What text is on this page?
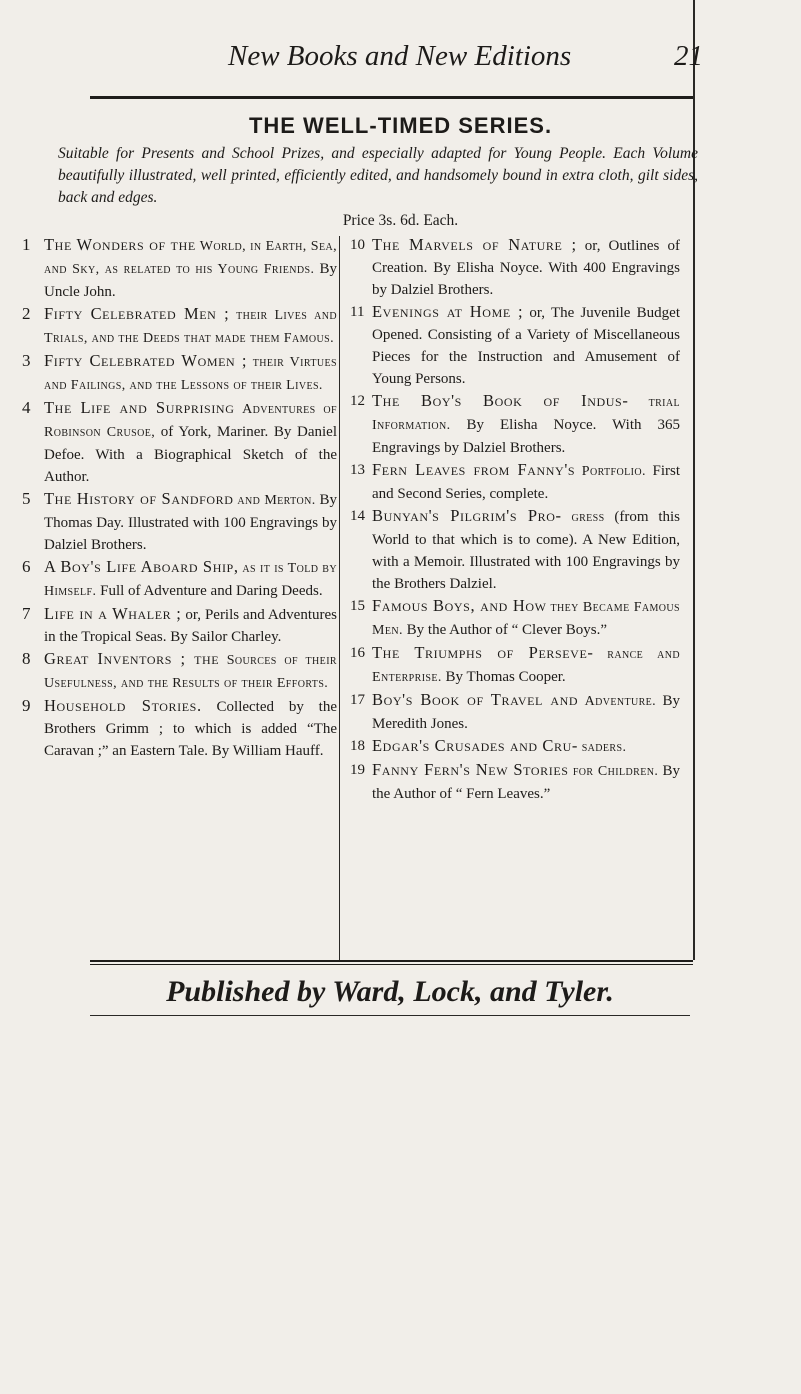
New Books and New Editions	21
THE WELL-TIMED SERIES.
Suitable for Presents and School Prizes, and especially adapted for Young People. Each Volume beautifully illustrated, well printed, efficiently edited, and handsomely bound in extra cloth, gilt sides, back and edges.
Price 3s. 6d. Each.
1 The Wonders of the World, in Earth, Sea, and Sky, as related to his Young Friends. By Uncle John.
2 Fifty Celebrated Men ; their Lives and Trials, and the Deeds that made them Famous.
3 Fifty Celebrated Women ; their Virtues and Failings, and the Lessons of their Lives.
4 The Life and Surprising Adventures of Robinson Crusoe, of York, Mariner. By Daniel Defoe. With a Biographical Sketch of the Author.
5 The History of Sandford and Merton. By Thomas Day. Illustrated with 100 Engravings by Dalziel Brothers.
6 A Boy's Life Aboard Ship, as it is Told by Himself. Full of Adventure and Daring Deeds.
7 Life in a Whaler ; or, Perils and Adventures in the Tropical Seas. By Sailor Charley.
8 Great Inventors ; the Sources of their Usefulness, and the Results of their Efforts.
9 Household Stories. Collected by the Brothers Grimm ; to which is added “The Caravan ;” an Eastern Tale. By William Hauff.
10 The Marvels of Nature ; or, Outlines of Creation. By Elisha Noyce. With 400 Engravings by Dalziel Brothers.
11 Evenings at Home ; or, The Juvenile Budget Opened. Consisting of a Variety of Miscellaneous Pieces for the Instruction and Amusement of Young Persons.
12 The Boy's Book of Indus- trial Information. By Elisha Noyce. With 365 Engravings by Dalziel Brothers.
13 Fern Leaves from Fanny's Portfolio. First and Second Series, complete.
14 Bunyan's Pilgrim's Pro- gress (from this World to that which is to come). A New Edition, with a Memoir. Illustrated with 100 Engravings by the Brothers Dalziel.
15 Famous Boys, and How they Became Famous Men. By the Author of “ Clever Boys.”
16 The Triumphs of Perseve- rance and Enterprise. By Thomas Cooper.
17 Boy's Book of Travel and Adventure. By Meredith Jones.
18 Edgar's Crusades and Cru- saders.
19 Fanny Fern's New Stories for Children. By the Author of “ Fern Leaves.”
Published by Ward, Lock, and Tyler.
